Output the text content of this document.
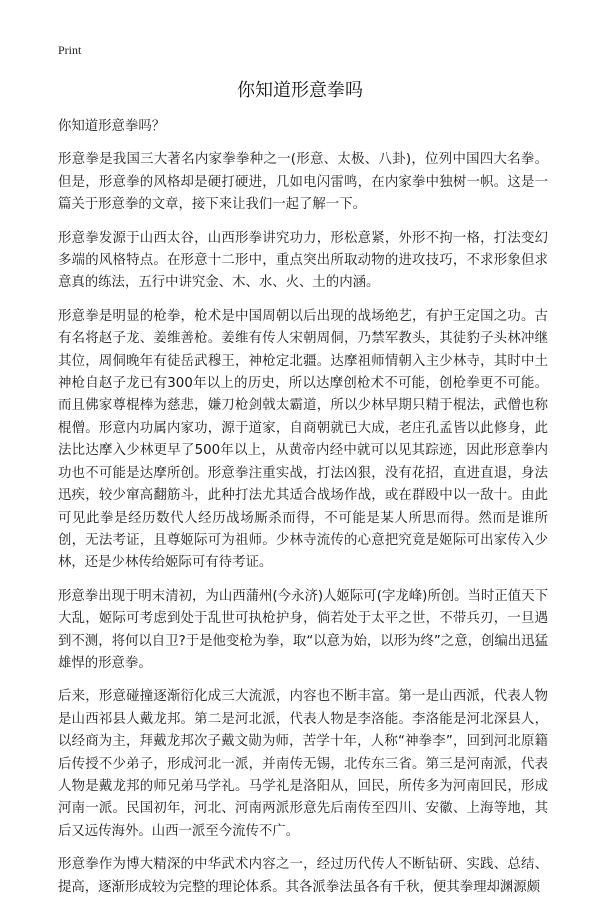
Print
你知道形意拳吗

你知道形意拳吗？

形意拳是我国三大著名内家拳拳种之一(形意、太极、八卦)，位列中国四大名拳。但是，形意拳的风格却是硬打硬进，几如电闪雷鸣，在内家拳中独树一帜。这是一篇关于形意拳的文章，接下来让我们一起了解一下。

形意拳发源于山西太谷，山西形拳讲究功力，形松意紧，外形不拘一格，打法变幻多端的风格特点。在形意十二形中，重点突出所取动物的进攻技巧，不求形象但求意真的练法，五行中讲究金、木、水、火、土的内涵。

形意拳是明显的枪拳，枪术是中国周朝以后出现的战场绝艺，有护王定国之功。古有名将赵子龙、姜维善枪。姜维有传人宋朝周侗，乃禁军教头，其徒豹子头林冲继其位，周侗晚年有徒岳武穆王，神枪定北疆。达摩祖师情朝入主少林寺，其时中土神枪自赵子龙已有300年以上的历史，所以达摩创枪术不可能，创枪拳更不可能。而且佛家尊棍棒为慈悲，嫌刀枪剑戟太霸道，所以少林早期只精于棍法，武僧也称棍僧。形意内功属内家功，源于道家，自商朝就已大成，老庄孔孟皆以此修身，此法比达摩入少林更早了500年以上，从黄帝内经中就可以见其踪迹，因此形意拳内功也不可能是达摩所创。形意拳注重实战，打法凶狠，没有花招，直进直退，身法迅疾，较少窜高翻筋斗，此种打法尤其适合战场作战，或在群殴中以一敌十。由此可见此拳是经历数代人经历战场厮杀而得，不可能是某人所思而得。然而是谁所创，无法考证，且尊姬际可为祖师。少林寺流传的心意把究竟是姬际可出家传入少林，还是少林传给姬际可有待考证。

形意拳出现于明末清初，为山西蒲州(今永济)人姬际可(字龙峰)所创。当时正值天下大乱，姬际可考虑到处于乱世可执枪护身，倘若处于太平之世，不带兵刃，一旦遇到不测，将何以自卫?于是他变枪为拳，取“以意为始，以形为终”之意，创编出迅猛雄悍的形意拳。

后来，形意碰撞逐渐衍化成三大流派，内容也不断丰富。第一是山西派，代表人物是山西祁县人戴龙邦。第二是河北派，代表人物是李洛能。李洛能是河北深县人，以经商为主，拜戴龙邦次子戴文勋为师，苦学十年，人称“神拳李”，回到河北原籍后传授不少弟子，形成河北一派，并南传无锡，北传东三省。第三是河南派，代表人物是戴龙邦的师兄弟马学礼。马学礼是洛阳从，回民，所传多为河南回民，形成河南一派。民国初年，河北、河南两派形意先后南传至四川、安徽、上海等地，其后又远传海外。山西一派至今流传不广。

形意拳作为博大精深的中华武术内容之一，经过历代传人不断钻研、实践、总结、提高，逐渐形成较为完整的理论体系。其各派拳法虽各有千秋，便其拳理却渊源颇
